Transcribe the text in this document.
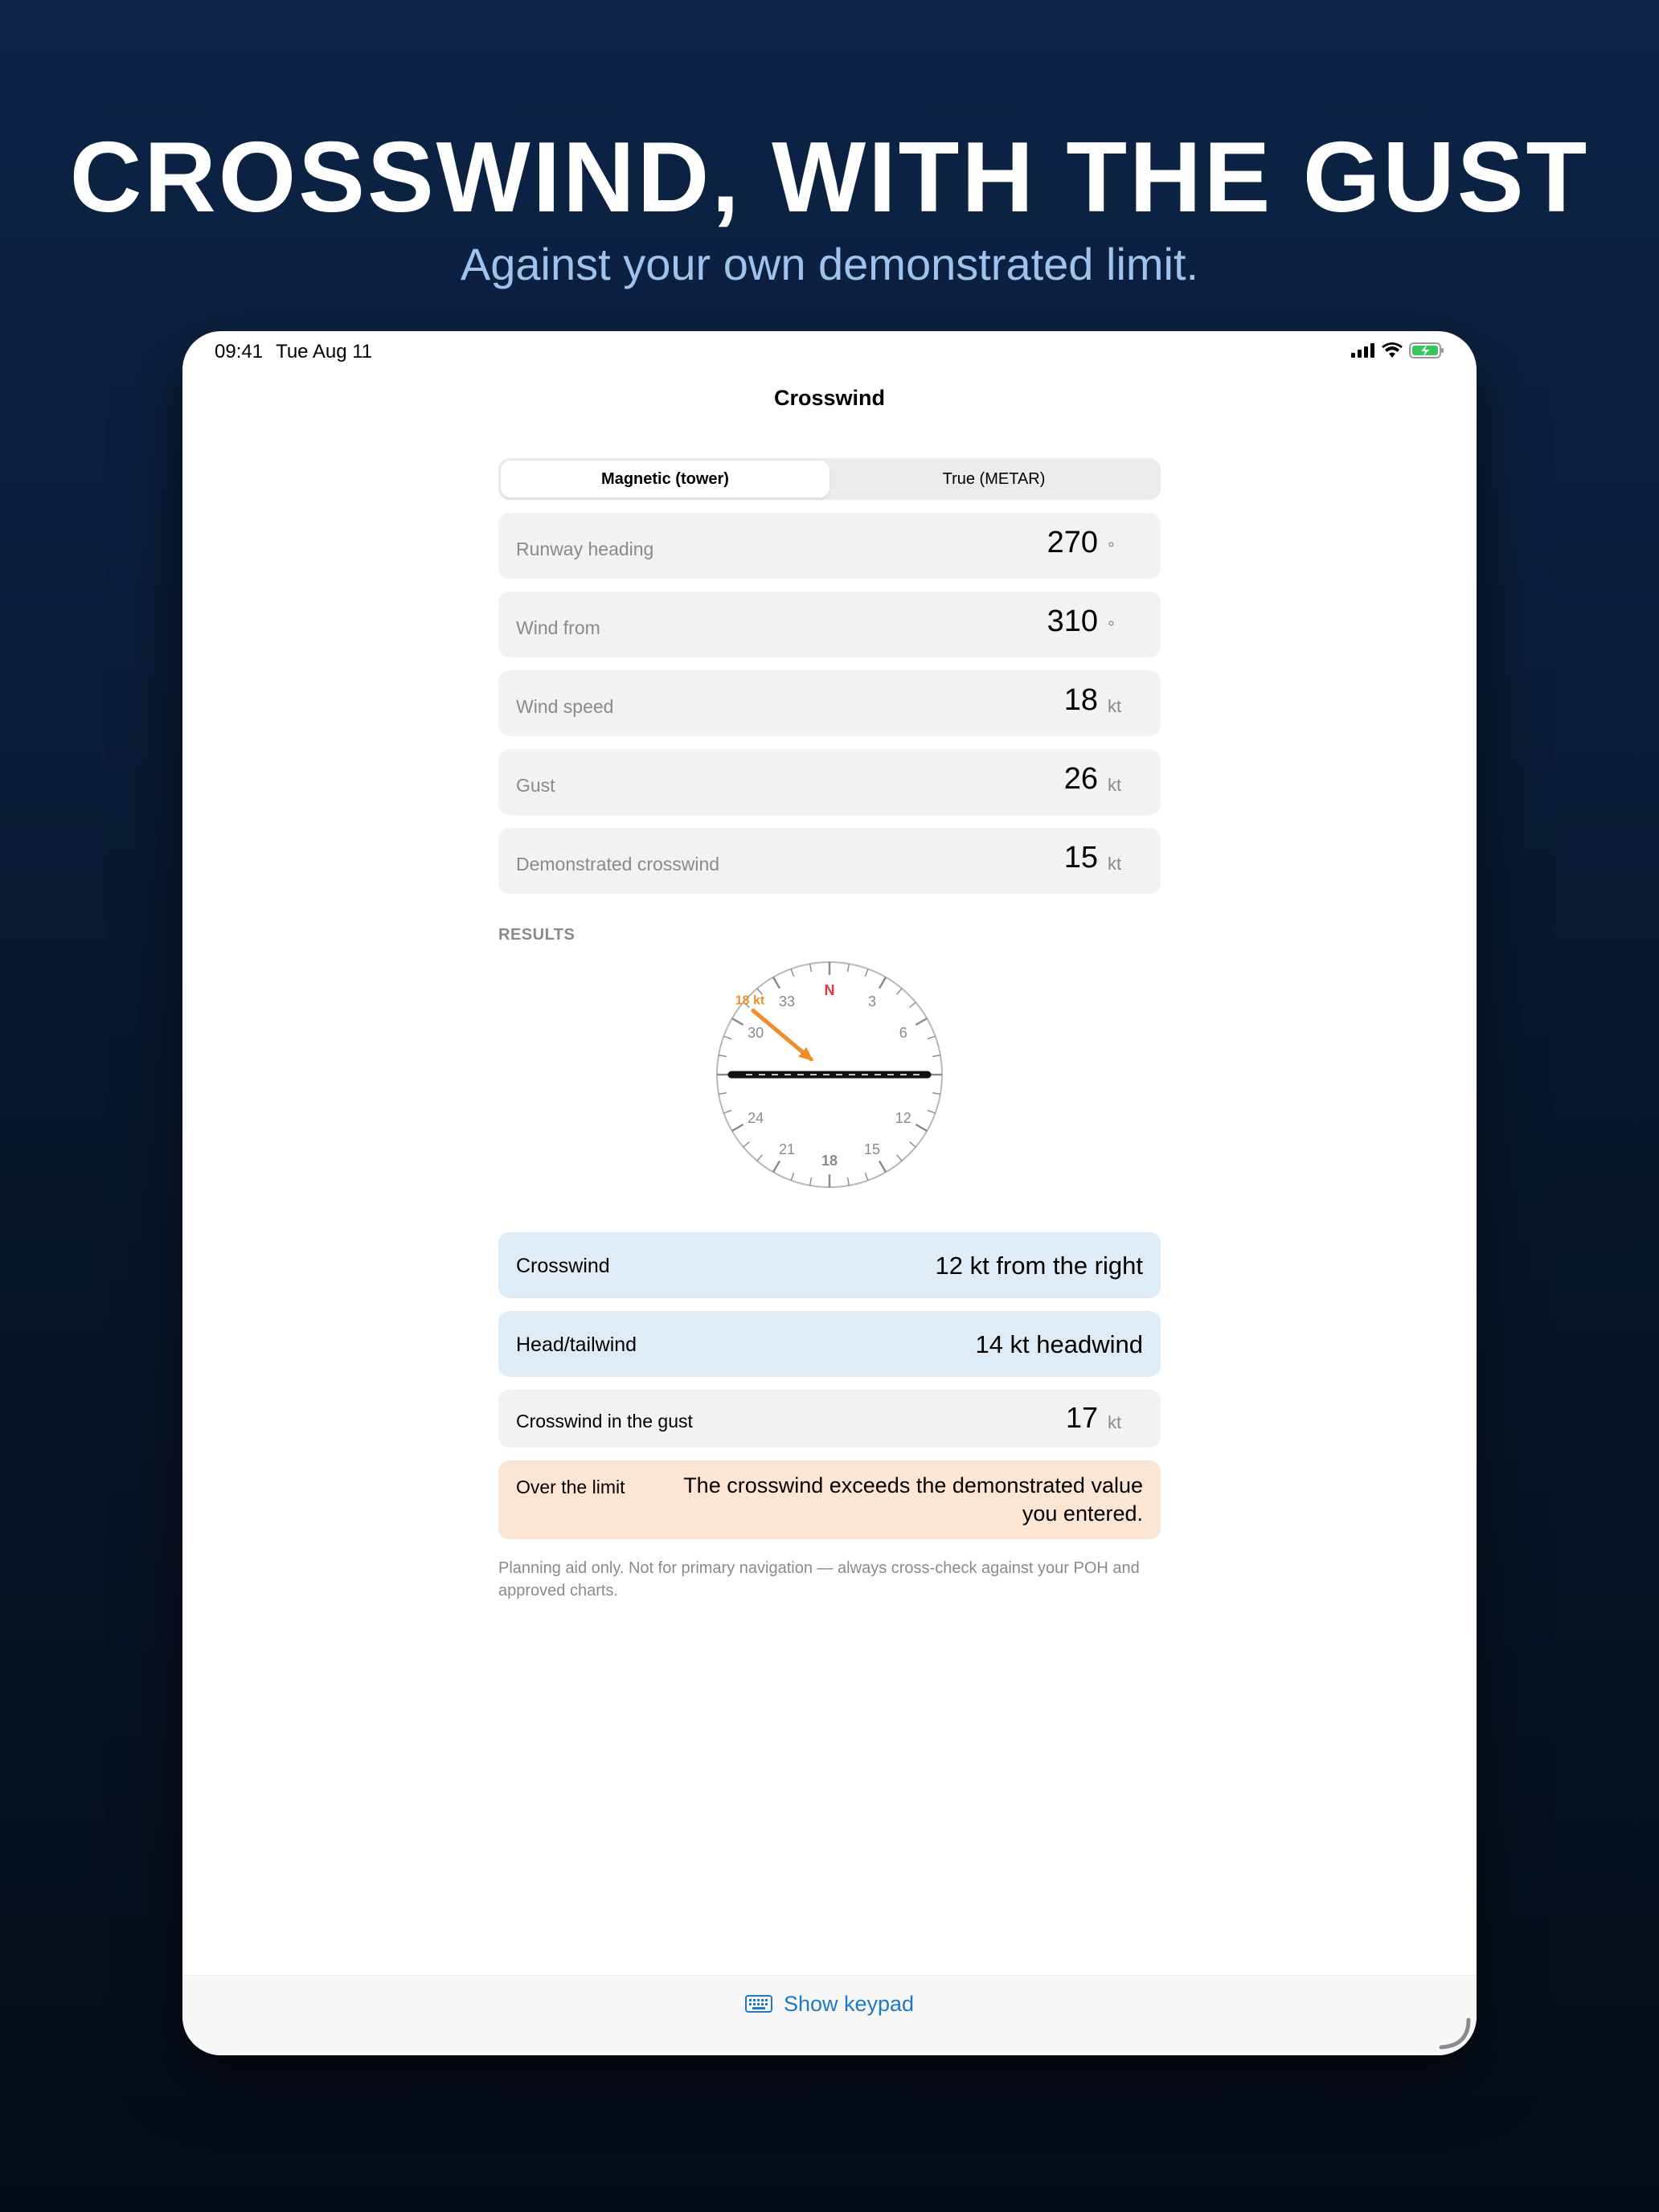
CROSSWIND, WITH THE GUST
Against your own demonstrated limit.
09:41 Tue Aug 11
Crosswind
Magnetic (tower)	True (METAR)
Runway heading	270 °
Wind from	310 °
Wind speed	18 kt
Gust	26 kt
Demonstrated crosswind	15 kt
RESULTS
N
3
6
12
15
18
21
24
30
33
18 kt
Crosswind	12 kt from the right
Head/tailwind	14 kt headwind
Crosswind in the gust	17 kt
Over the limit	The crosswind exceeds the demonstrated value you entered.
Planning aid only. Not for primary navigation — always cross-check against your POH and approved charts.
Show keypad
